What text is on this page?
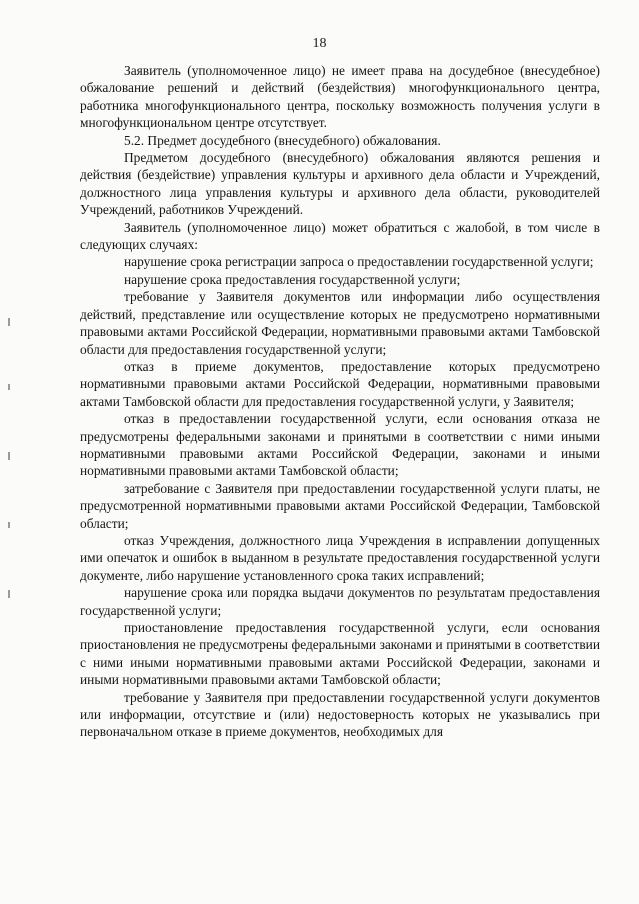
18

Заявитель (уполномоченное лицо) не имеет права на досудебное (внесудебное) обжалование решений и действий (бездействия) многофункционального центра, работника многофункционального центра, поскольку возможность получения услуги в многофункциональном центре отсутствует.

5.2. Предмет досудебного (внесудебного) обжалования.

Предметом досудебного (внесудебного) обжалования являются решения и действия (бездействие) управления культуры и архивного дела области и Учреждений, должностного лица управления культуры и архивного дела области, руководителей Учреждений, работников Учреждений.

Заявитель (уполномоченное лицо) может обратиться с жалобой, в том числе в следующих случаях:

нарушение срока регистрации запроса о предоставлении государственной услуги;

нарушение срока предоставления государственной услуги;

требование у Заявителя документов или информации либо осуществления действий, представление или осуществление которых не предусмотрено нормативными правовыми актами Российской Федерации, нормативными правовыми актами Тамбовской области для предоставления государственной услуги;

отказ в приеме документов, предоставление которых предусмотрено нормативными правовыми актами Российской Федерации, нормативными правовыми актами Тамбовской области для предоставления государственной услуги, у Заявителя;

отказ в предоставлении государственной услуги, если основания отказа не предусмотрены федеральными законами и принятыми в соответствии с ними иными нормативными правовыми актами Российской Федерации, законами и иными нормативными правовыми актами Тамбовской области;

затребование с Заявителя при предоставлении государственной услуги платы, не предусмотренной нормативными правовыми актами Российской Федерации, Тамбовской области;

отказ Учреждения, должностного лица Учреждения в исправлении допущенных ими опечаток и ошибок в выданном в результате предоставления государственной услуги документе, либо нарушение установленного срока таких исправлений;

нарушение срока или порядка выдачи документов по результатам предоставления государственной услуги;

приостановление предоставления государственной услуги, если основания приостановления не предусмотрены федеральными законами и принятыми в соответствии с ними иными нормативными правовыми актами Российской Федерации, законами и иными нормативными правовыми актами Тамбовской области;

требование у Заявителя при предоставлении государственной услуги документов или информации, отсутствие и (или) недостоверность которых не указывались при первоначальном отказе в приеме документов, необходимых для
